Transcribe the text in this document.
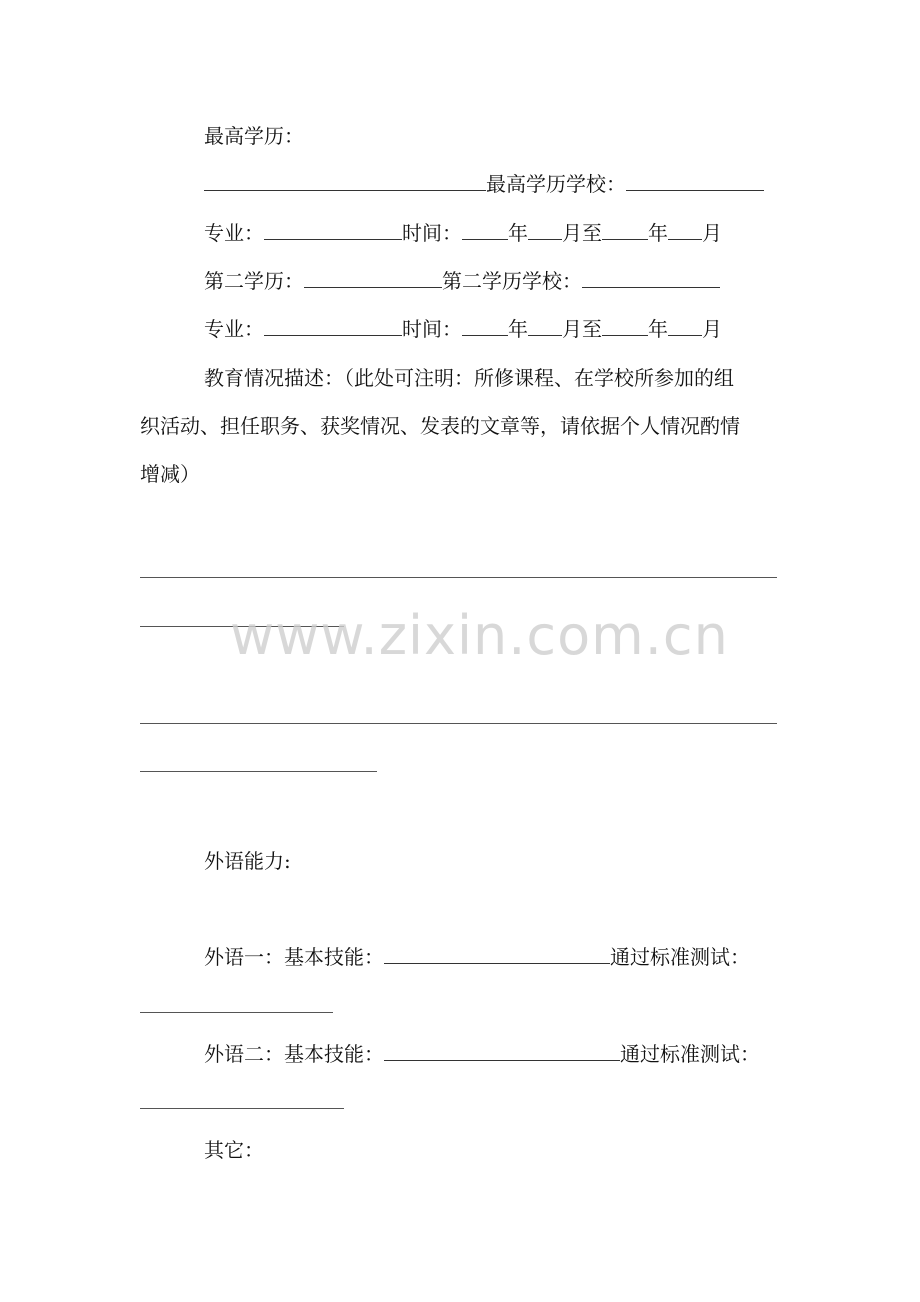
最高学历：
最高学历学校：
专业：	时间： 年 月至 年 月
第二学历：	第二学历学校：
专业：	时间： 年 月至 年 月
教育情况描述：（此处可注明：所修课程、在学校所参加的组
织活动、担任职务、获奖情况、发表的文章等，请依据个人情况酌情
增减）
外语能力:
外语一：基本技能：	通过标准测试：
外语二：基本技能：	通过标准测试：
其它：
www.zixin.com.cn
